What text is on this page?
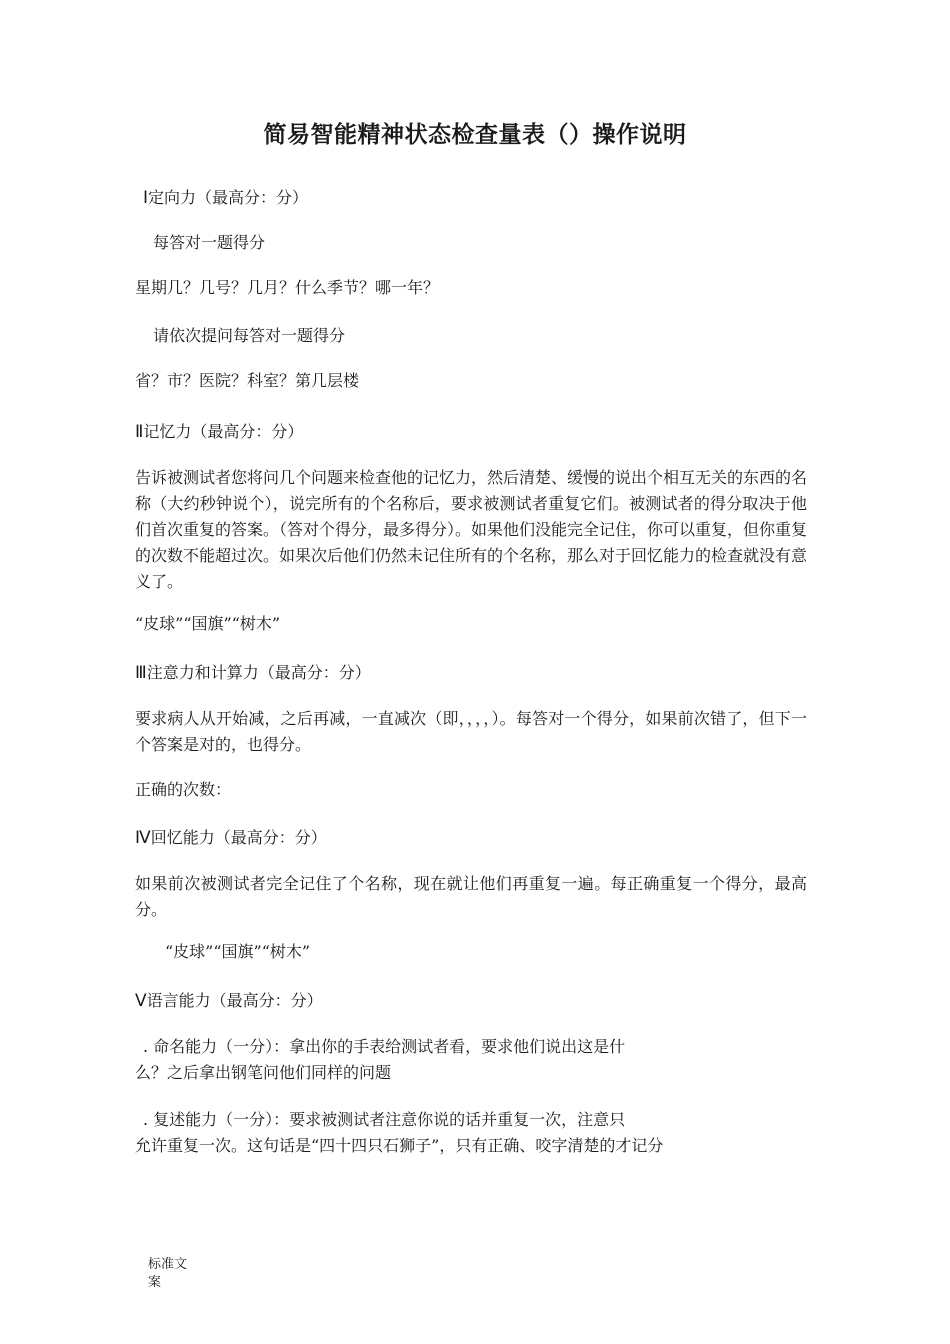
简易智能精神状态检查量表（）操作说明

Ⅰ定向力（最高分：分）

每答对一题得分

星期几？几号？几月？什么季节？哪一年？

请依次提问每答对一题得分

省？市？医院？科室？第几层楼

Ⅱ记忆力（最高分：分）

告诉被测试者您将问几个问题来检查他的记忆力，然后清楚、缓慢的说出个相互无关的东西的名称（大约秒钟说个），说完所有的个名称后，要求被测试者重复它们。被测试者的得分取决于他们首次重复的答案。（答对个得分，最多得分）。如果他们没能完全记住，你可以重复，但你重复的次数不能超过次。如果次后他们仍然未记住所有的个名称，那么对于回忆能力的检查就没有意义了。

“皮球”“国旗”“树木”

Ⅲ注意力和计算力（最高分：分）

要求病人从开始减，之后再减，一直减次（即，，，，）。每答对一个得分，如果前次错了，但下一个答案是对的，也得分。

正确的次数：

Ⅳ回忆能力（最高分：分）

如果前次被测试者完全记住了个名称，现在就让他们再重复一遍。每正确重复一个得分，最高分。

“皮球”“国旗”“树木”

Ⅴ语言能力（最高分：分）

. 命名能力（一分）：拿出你的手表给测试者看，要求他们说出这是什

么？之后拿出钢笔问他们同样的问题

. 复述能力（一分）：要求被测试者注意你说的话并重复一次，注意只

允许重复一次。这句话是“四十四只石狮子”，只有正确、咬字清楚的才记分

标准文
案
